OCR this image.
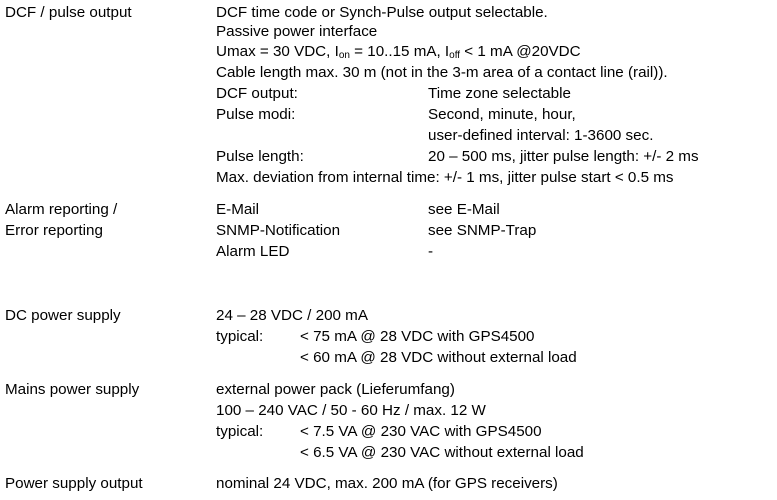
DCF / pulse output	DCF time code or Synch-Pulse output selectable.
Passive power interface
Umax = 30 VDC, $I_{on} = 10..15$ mA, $I_{off} < 1$ mA @20VDC
Cable length max. 30 m (not in the 3-m area of a contact line (rail)).
DCF output:	Time zone selectable
Pulse modi:	Second, minute, hour,
user-defined interval: 1-3600 sec.
Pulse length:	20 – 500 ms, jitter pulse length: +/- 2 ms
Max. deviation from internal time: +/- 1 ms, jitter pulse start < 0.5 ms
Alarm reporting /
Error reporting
E-Mail	see E-Mail
SNMP-Notification	see SNMP-Trap
Alarm LED	-
DC power supply	24 – 28 VDC / 200 mA
typical: < 75 mA @ 28 VDC with GPS4500
< 60 mA @ 28 VDC without external load
Mains power supply	external power pack (Lieferumfang)
100 – 240 VAC / 50 - 60 Hz / max. 12 W
typical: < 7.5 VA @ 230 VAC with GPS4500
< 6.5 VA @ 230 VAC without external load
Power supply output	nominal 24 VDC, max. 200 mA (for GPS receivers)
